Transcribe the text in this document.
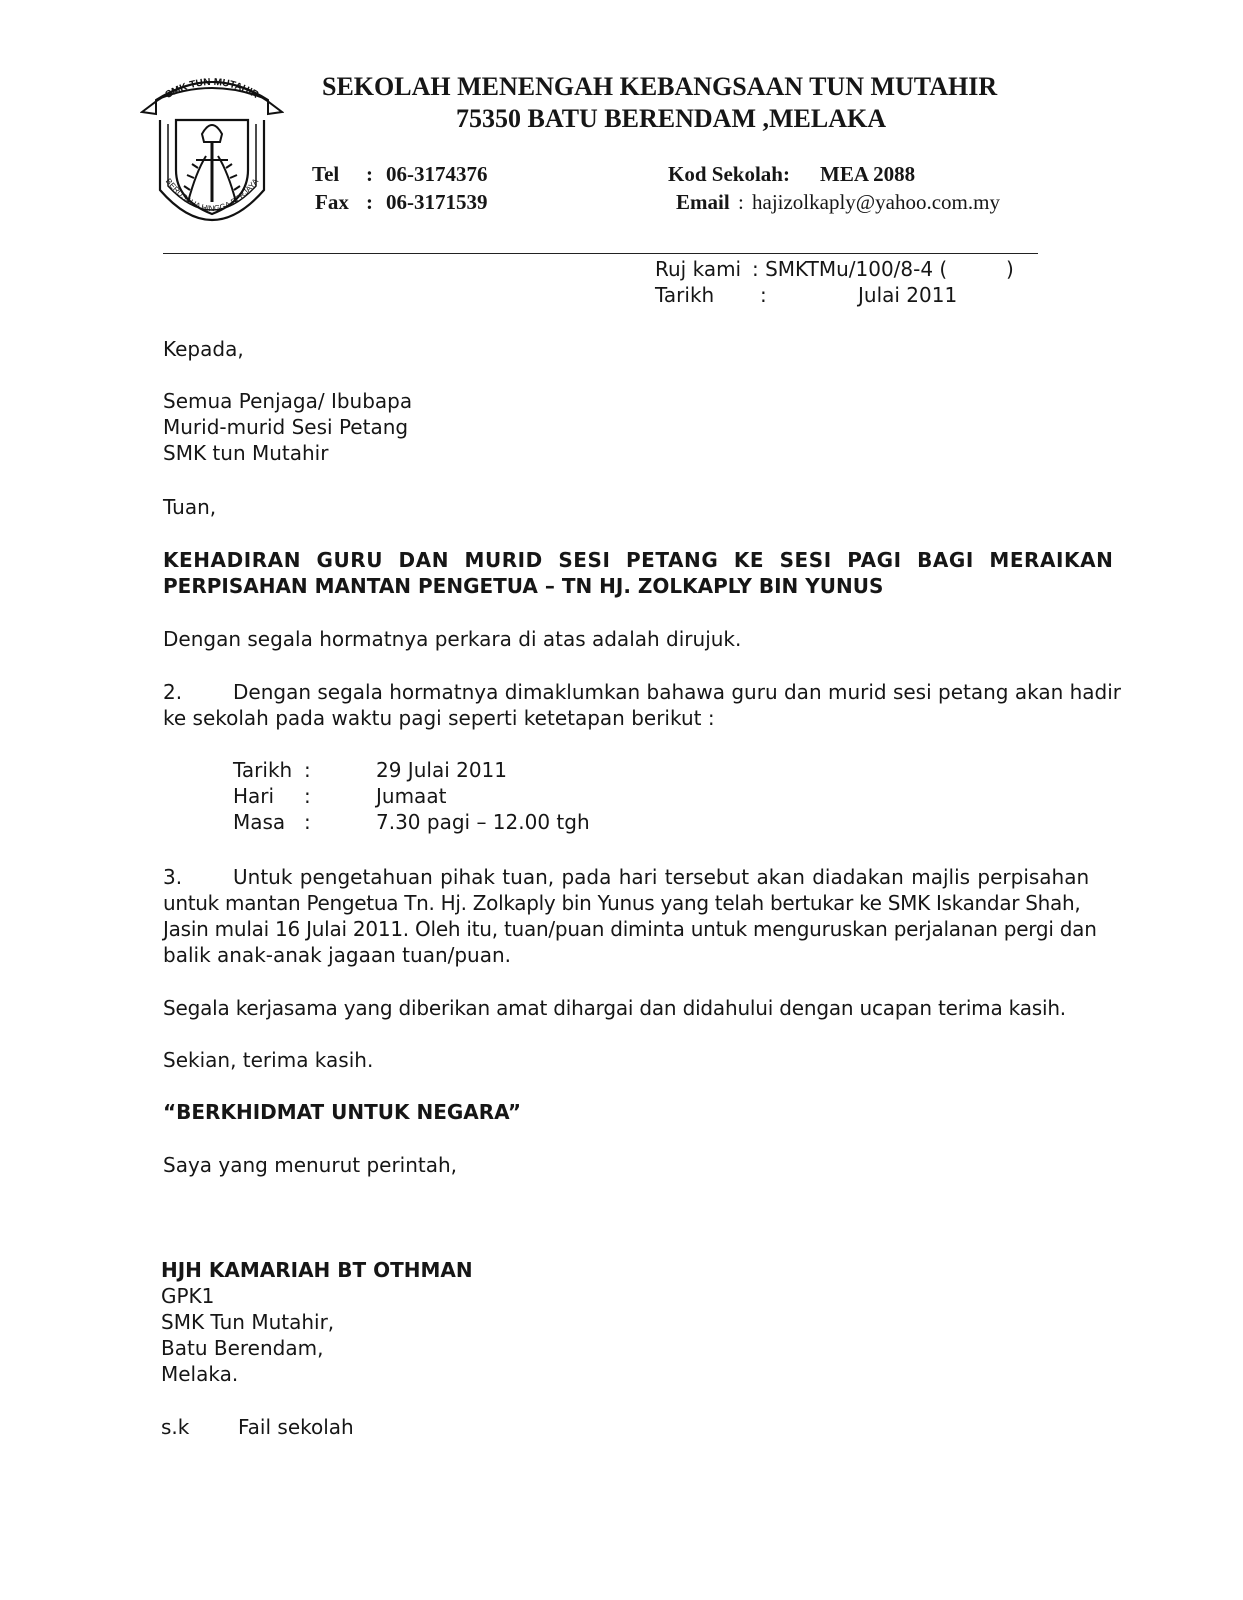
SMK TUN MUTAHIR
BERUSAHA HINGGA BERJAYA
SEKOLAH MENENGAH KEBANGSAAN TUN MUTAHIR
75350 BATU BERENDAM ,MELAKA
Tel : 06-3174376
Fax : 06-3171539
Kod Sekolah: MEA 2088
Email : hajizolkaply@yahoo.com.my
Ruj kami : SMKTMu/100/8-4 (	)
Tarikh :	Julai 2011
Kepada,
Semua Penjaga/ Ibubapa
Murid-murid Sesi Petang
SMK tun Mutahir
Tuan,
KEHADIRAN GURU DAN MURID SESI PETANG KE SESI PAGI BAGI MERAIKAN
PERPISAHAN MANTAN PENGETUA – TN HJ. ZOLKAPLY BIN YUNUS
Dengan segala hormatnya perkara di atas adalah dirujuk.
2.	Dengan segala hormatnya dimaklumkan bahawa guru dan murid sesi petang akan hadir
ke sekolah pada waktu pagi seperti ketetapan berikut :
Tarikh :	29 Julai 2011
Hari :	Jumaat
Masa :	7.30 pagi – 12.00 tgh
3.	Untuk pengetahuan pihak tuan, pada hari tersebut akan diadakan majlis perpisahan
untuk mantan Pengetua Tn. Hj. Zolkaply bin Yunus yang telah bertukar ke SMK Iskandar Shah,
Jasin mulai 16 Julai 2011. Oleh itu, tuan/puan diminta untuk menguruskan perjalanan pergi dan
balik anak-anak jagaan tuan/puan.
Segala kerjasama yang diberikan amat dihargai dan didahului dengan ucapan terima kasih.
Sekian, terima kasih.
“BERKHIDMAT UNTUK NEGARA”
Saya yang menurut perintah,
HJH KAMARIAH BT OTHMAN
GPK1
SMK Tun Mutahir,
Batu Berendam,
Melaka.
s.k Fail sekolah
